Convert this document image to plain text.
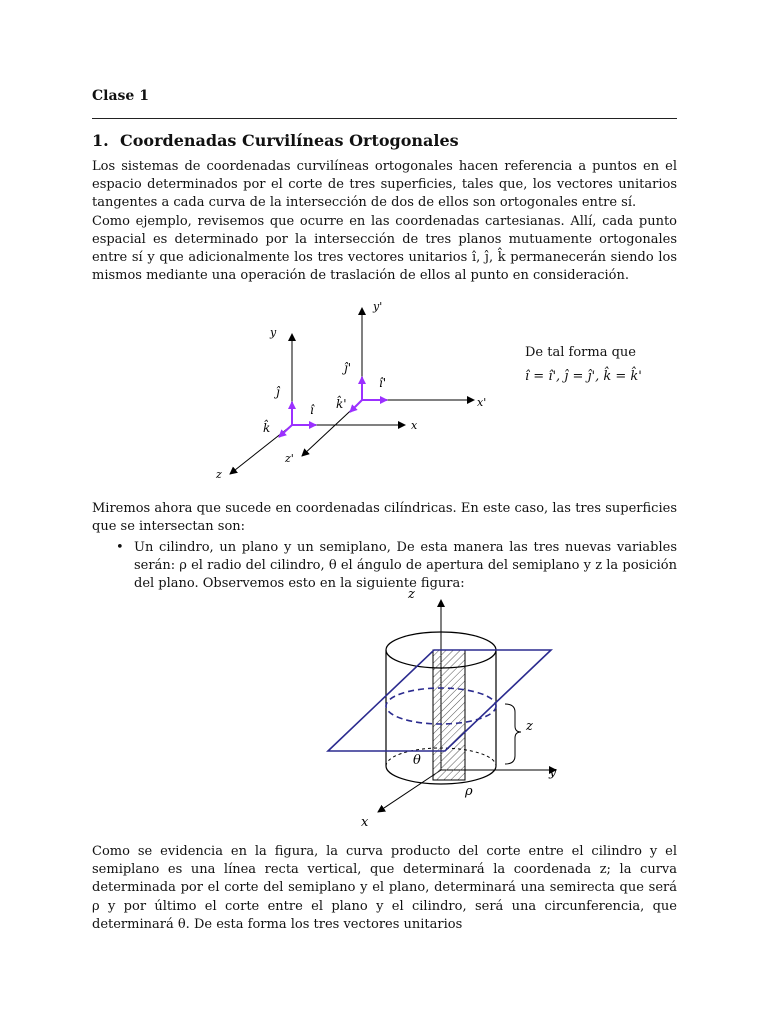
Clase 1
1. Coordenadas Curvilíneas Ortogonales

Los sistemas de coordenadas curvilíneas ortogonales hacen referencia a puntos en el espacio determinados por el corte de tres superficies, tales que, los vectores unitarios tangentes a cada curva de la intersección de dos de ellos son ortogonales entre sí.

Como ejemplo, revisemos que ocurre en las coordenadas cartesianas. Allí, cada punto espacial es determinado por la intersección de tres planos mutuamente ortogonales entre sí y que adicionalmente los tres vectores unitarios î, ĵ, k̂ permanecerán siendo los mismos mediante una operación de traslación de ellos al punto en consideración.

y
x
z
y'
x'
z'
ĵ
î
k̂
ĵ'
î'
k̂'
De tal forma que
î = î', ĵ = ĵ', k̂ = k̂'
Miremos ahora que sucede en coordenadas cilíndricas. En este caso, las tres superficies que se intersectan son:
• Un cilindro, un plano y un semiplano, De esta manera las tres nuevas variables serán: ρ el radio del cilindro, θ el ángulo de apertura del semiplano y z la posición del plano. Observemos esto en la siguiente figura:
z
y
x
θ
ρ
z
Como se evidencia en la figura, la curva producto del corte entre el cilindro y el semiplano es una línea recta vertical, que determinará la coordenada z; la curva determinada por el corte del semiplano y el plano, determinará una semirecta que será ρ y por último el corte entre el plano y el cilindro, será una circunferencia, que determinará θ. De esta forma los tres vectores unitarios
